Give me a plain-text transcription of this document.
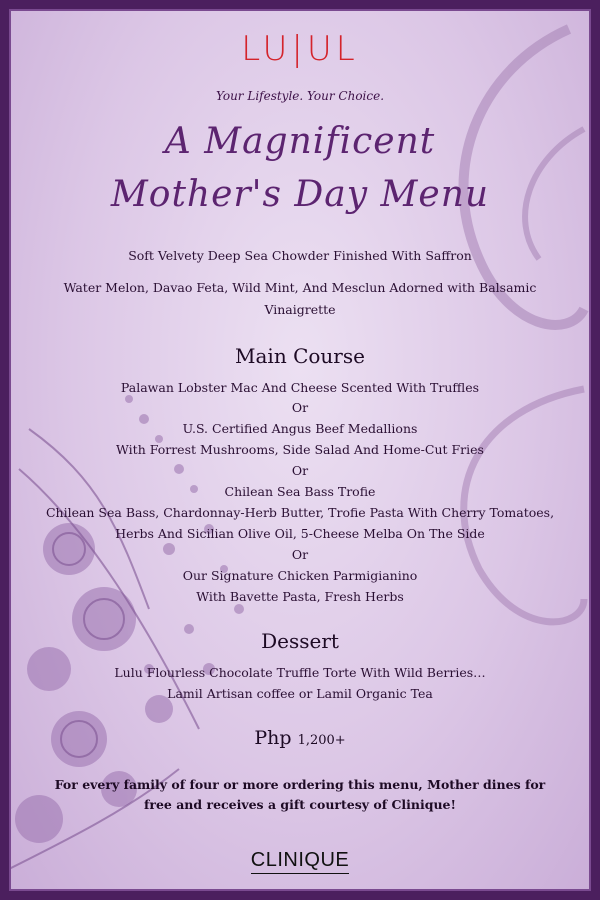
LU|UL
Your Lifestyle. Your Choice.
A Magnificent
Mother's Day Menu
Soft Velvety Deep Sea Chowder Finished With Saffron
Water Melon, Davao Feta, Wild Mint, And Mesclun Adorned with Balsamic
Vinaigrette
Main Course
Palawan Lobster Mac And Cheese Scented With Truffles
Or
U.S. Certified Angus Beef Medallions
With Forrest Mushrooms, Side Salad And Home-Cut Fries
Or
Chilean Sea Bass Trofie
Chilean Sea Bass, Chardonnay-Herb Butter, Trofie Pasta With Cherry Tomatoes,
Herbs And Sicilian Olive Oil, 5-Cheese Melba On The Side
Or
Our Signature Chicken Parmigianino
With Bavette Pasta, Fresh Herbs
Dessert
Lulu Flourless Chocolate Truffle Torte With Wild Berries…
Lamil Artisan coffee or Lamil Organic Tea
Php 1,200+
For every family of four or more ordering this menu, Mother dines for free and receives a gift courtesy of Clinique!
CLINIQUE
